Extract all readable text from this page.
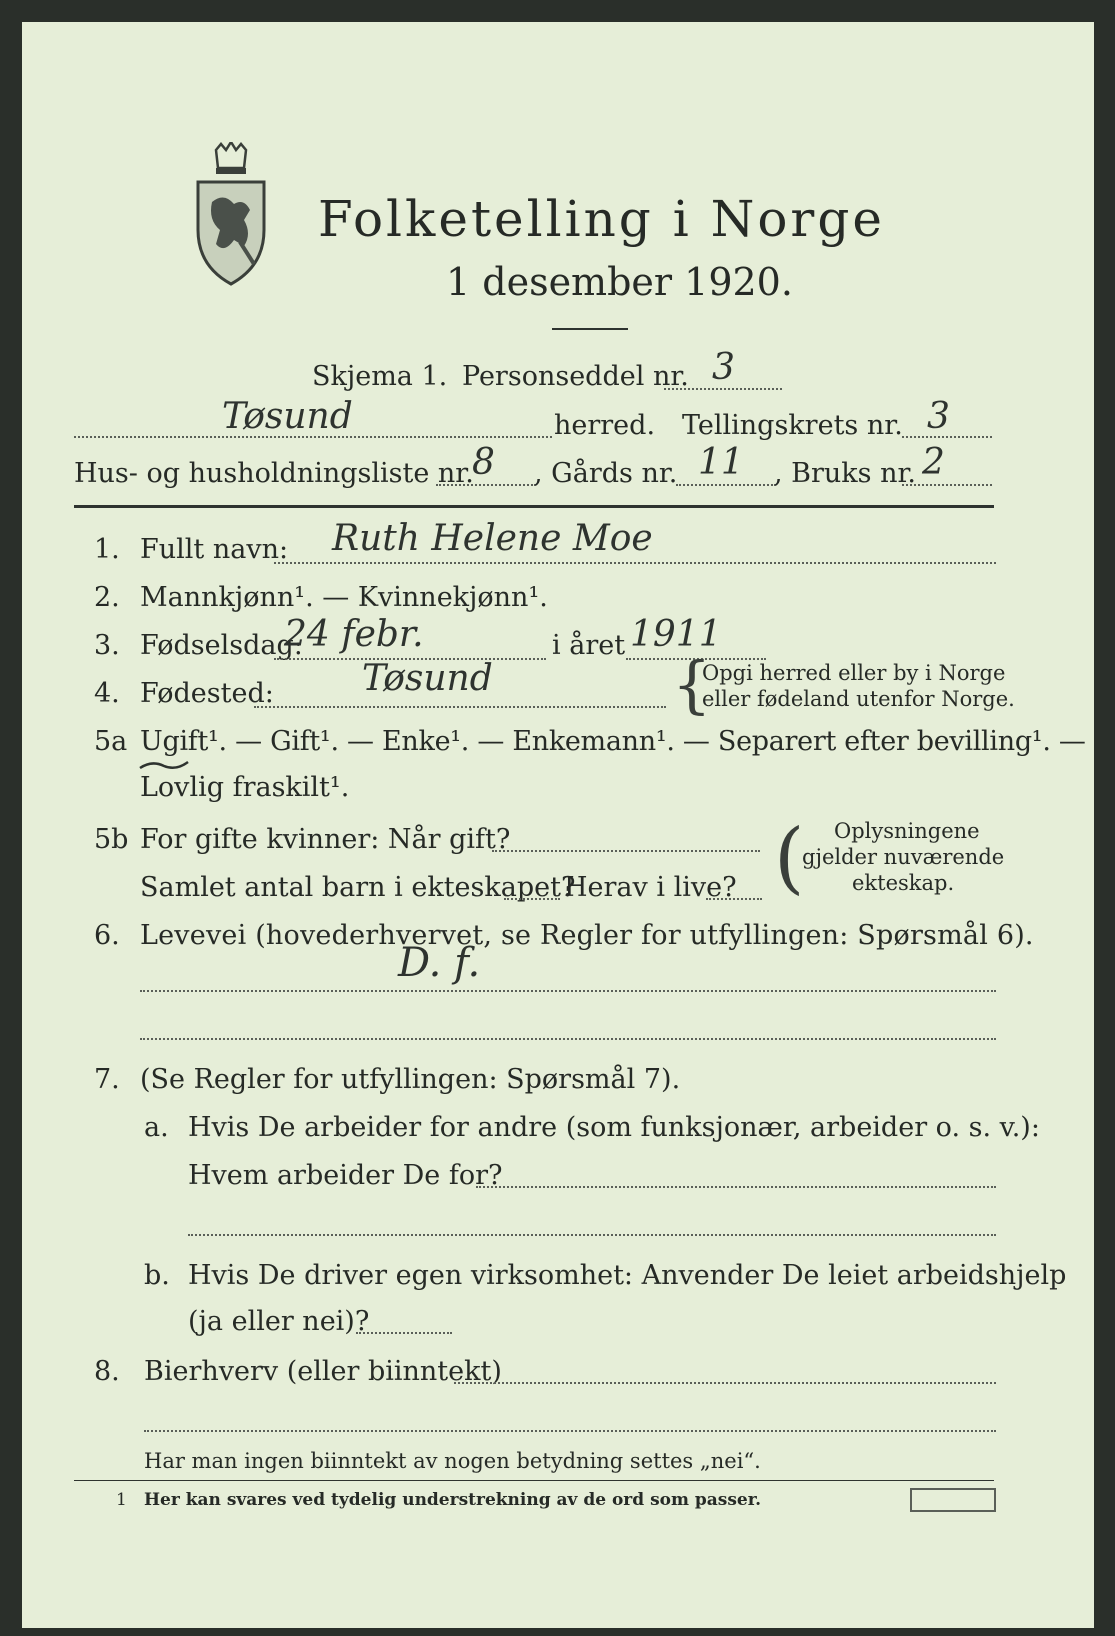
Folketelling i Norge
1 desember 1920.
Skjema 1. Personseddel nr. 3
Tøsund	herred. Tellingskrets nr. 3
Hus- og husholdningsliste nr.
8 , Gårds nr. 11 , Bruks nr. 2
1. Fullt navn: Ruth Helene Moe
2. Mannkjønn¹. — Kvinnekjønn¹.
3. Fødselsdag:
24 febr.	i året 1911
4. Fødested: Tøsund	{
Opgi herred eller by i Norge
eller fødeland utenfor Norge.
5a Ugift¹. — Gift¹. — Enke¹. — Enkemann¹. — Separert efter bevilling¹. —
Lovlig fraskilt¹.
5b For gifte kvinner: Når gift?
Samlet antal barn i ekteskapet?
Herav i live? ( Oplysningene
gjelder nuværende
ekteskap.
6. Levevei (hovederhvervet, se Regler for utfyllingen: Spørsmål 6).
D. f.
7. (Se Regler for utfyllingen: Spørsmål 7).
a. Hvis De arbeider for andre (som funksjonær, arbeider o. s. v.):
Hvem arbeider De for?
b. Hvis De driver egen virksomhet: Anvender De leiet arbeidshjelp
(ja eller nei)?
8. Bierhverv (eller biinntekt)
Har man ingen biinntekt av nogen betydning settes „nei“.
1 Her kan svares ved tydelig understrekning av de ord som passer.
